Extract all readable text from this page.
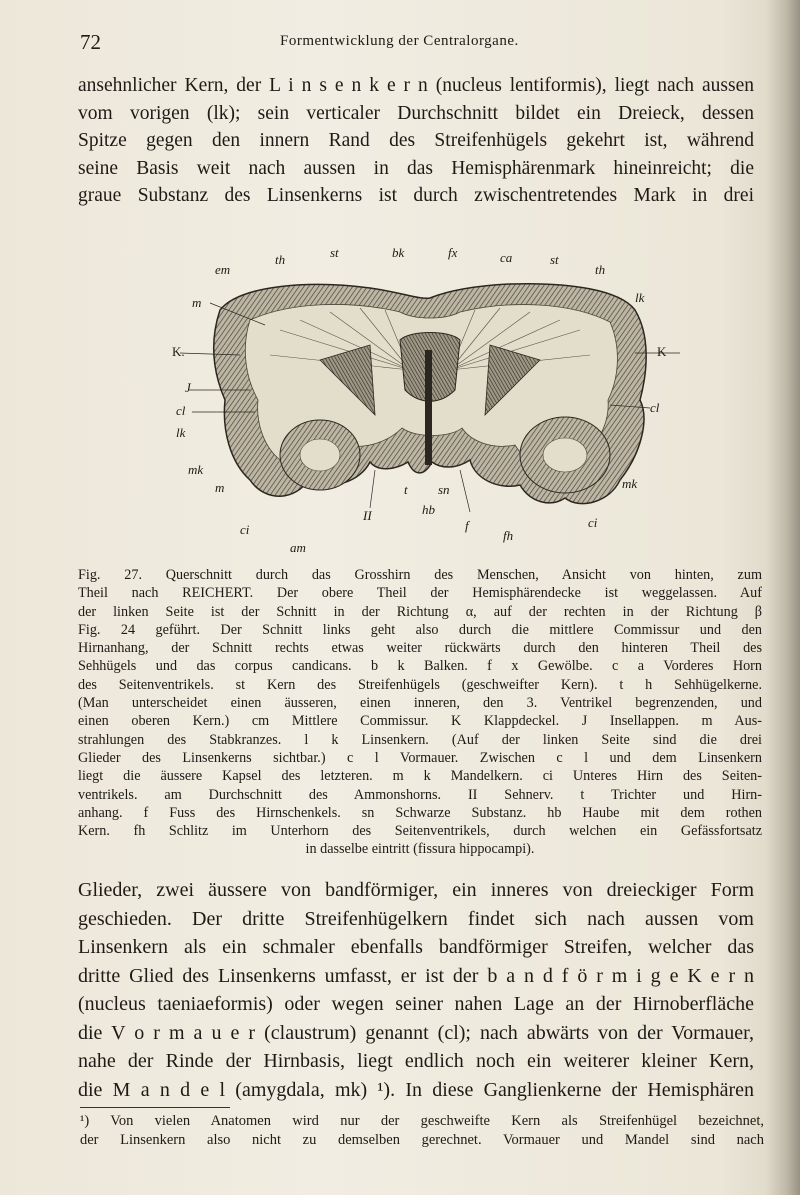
72	Formentwicklung der Centralorgane.
ansehnlicher Kern, der L i n s e n k e r n (nucleus lentiformis), liegt nach aussen
vom vorigen (lk); sein verticaler Durchschnitt bildet ein Dreieck, dessen
Spitze gegen den innern Rand des Streifenhügels gekehrt ist, während
seine Basis weit nach aussen in das Hemisphärenmark hineinreicht; die
graue Substanz des Linsenkerns ist durch zwischentretendes Mark in drei
em
th	st	bk	fx	ca	st
th
lk
m
K.	K
J
cl
lk
mk
m
cl
mk
t sn
hb
II
ci	f
fh
ci
am
Fig. 27. Querschnitt durch das Grosshirn des Menschen, Ansicht von hinten, zum
Theil nach REICHERT. Der obere Theil der Hemisphärendecke ist weggelassen. Auf
der linken Seite ist der Schnitt in der Richtung α, auf der rechten in der Richtung β
Fig. 24 geführt. Der Schnitt links geht also durch die mittlere Commissur und den
Hirnanhang, der Schnitt rechts etwas weiter rückwärts durch den hinteren Theil des
Sehhügels und das corpus candicans. b k Balken. f x Gewölbe. c a Vorderes Horn
des Seitenventrikels. st Kern des Streifenhügels (geschweifter Kern). t h Sehhügelkerne.
(Man unterscheidet einen äusseren, einen inneren, den 3. Ventrikel begrenzenden, und
einen oberen Kern.) cm Mittlere Commissur. K Klappdeckel. J Insellappen. m Aus-
strahlungen des Stabkranzes. l k Linsenkern. (Auf der linken Seite sind die drei
Glieder des Linsenkerns sichtbar.) c l Vormauer. Zwischen c l und dem Linsenkern
liegt die äussere Kapsel des letzteren. m k Mandelkern. ci Unteres Hirn des Seiten-
ventrikels. am Durchschnitt des Ammonshorns. II Sehnerv. t Trichter und Hirn-
anhang. f Fuss des Hirnschenkels. sn Schwarze Substanz. hb Haube mit dem rothen
Kern. fh Schlitz im Unterhorn des Seitenventrikels, durch welchen ein Gefässfortsatz
in dasselbe eintritt (fissura hippocampi).
Glieder, zwei äussere von bandförmiger, ein inneres von dreieckiger Form
geschieden. Der dritte Streifenhügelkern findet sich nach aussen vom
Linsenkern als ein schmaler ebenfalls bandförmiger Streifen, welcher das
dritte Glied des Linsenkerns umfasst, er ist der b a n d f ö r m i g e K e r n
(nucleus taeniaeformis) oder wegen seiner nahen Lage an der Hirnoberfläche
die V o r m a u e r (claustrum) genannt (cl); nach abwärts von der Vormauer,
nahe der Rinde der Hirnbasis, liegt endlich noch ein weiterer kleiner Kern,
die M a n d e l (amygdala, mk) ¹). In diese Ganglienkerne der Hemisphären
¹) Von vielen Anatomen wird nur der geschweifte Kern als Streifenhügel bezeichnet,
der Linsenkern also nicht zu demselben gerechnet. Vormauer und Mandel sind nach
